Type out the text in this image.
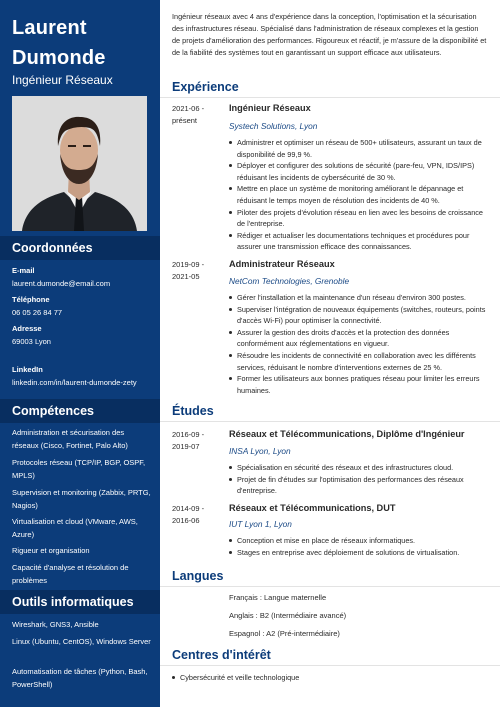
Laurent
Dumonde
Ingénieur Réseaux
Coordonnées
E-mail
laurent.dumonde@email.com
Téléphone
06 05 26 84 77
Adresse
69003 Lyon
LinkedIn
linkedin.com/in/laurent-dumonde-zety
Compétences
Administration et sécurisation des réseaux (Cisco, Fortinet, Palo Alto)
Protocoles réseau (TCP/IP, BGP, OSPF, MPLS)
Supervision et monitoring (Zabbix, PRTG, Nagios)
Virtualisation et cloud (VMware, AWS, Azure)
Rigueur et organisation
Capacité d'analyse et résolution de problèmes
Outils informatiques
Wireshark, GNS3, Ansible
Linux (Ubuntu, CentOS), Windows Server
Automatisation de tâches (Python, Bash, PowerShell)
Ingénieur réseaux avec 4 ans d'expérience dans la conception, l'optimisation et la sécurisation des infrastructures réseau. Spécialisé dans l'administration de réseaux complexes et la gestion de projets d'amélioration des performances. Rigoureux et réactif, je m'assure de la disponibilité et de la fiabilité des systèmes tout en garantissant un support efficace aux utilisateurs.
Expérience
2021-06 - présent
Ingénieur Réseaux
Systech Solutions, Lyon
Administrer et optimiser un réseau de 500+ utilisateurs, assurant un taux de disponibilité de 99,9 %.
Déployer et configurer des solutions de sécurité (pare-feu, VPN, IDS/IPS) réduisant les incidents de cybersécurité de 30 %.
Mettre en place un système de monitoring améliorant le dépannage et réduisant le temps moyen de résolution des incidents de 40 %.
Piloter des projets d'évolution réseau en lien avec les besoins de croissance de l'entreprise.
Rédiger et actualiser les documentations techniques et procédures pour assurer une transmission efficace des connaissances.
2019-09 - 2021-05
Administrateur Réseaux
NetCom Technologies, Grenoble
Gérer l'installation et la maintenance d'un réseau d'environ 300 postes.
Superviser l'intégration de nouveaux équipements (switches, routeurs, points d'accès Wi-Fi) pour optimiser la connectivité.
Assurer la gestion des droits d'accès et la protection des données conformément aux réglementations en vigueur.
Résoudre les incidents de connectivité en collaboration avec les différents services, réduisant le nombre d'interventions externes de 25 %.
Former les utilisateurs aux bonnes pratiques réseau pour limiter les erreurs humaines.
Études
2016-09 - 2019-07
Réseaux et Télécommunications, Diplôme d'Ingénieur
INSA Lyon, Lyon
Spécialisation en sécurité des réseaux et des infrastructures cloud.
Projet de fin d'études sur l'optimisation des performances des réseaux d'entreprise.
2014-09 - 2016-06
Réseaux et Télécommunications, DUT
IUT Lyon 1, Lyon
Conception et mise en place de réseaux informatiques.
Stages en entreprise avec déploiement de solutions de virtualisation.
Langues
Français : Langue maternelle
Anglais : B2 (Intermédiaire avancé)
Espagnol : A2 (Pré-intermédiaire)
Centres d'intérêt
Cybersécurité et veille technologique
